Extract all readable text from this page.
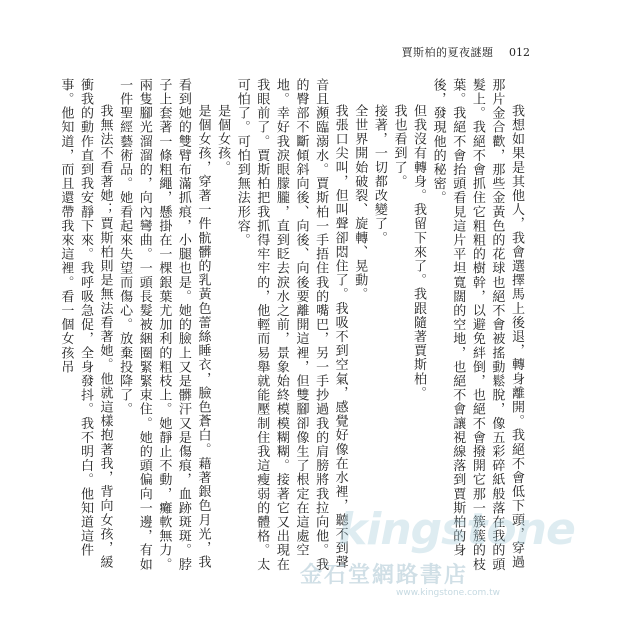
賈斯柏的夏夜謎題 012

我想如果是其他人，我會選擇馬上後退，轉身離開。我絕不會低下頭，穿過那片金合歡，那些金黃色的花球也絕不會被搖動鬆脫，像五彩碎紙般落在我的頭髮上。我絕不會抓住它粗粗的樹幹，以避免絆倒，也絕不會撥開它那一簇簇的枝葉。我絕不會抬頭看見這片平坦寬闊的空地，也絕不會讓視線落到賈斯柏的身後，發現他的秘密。

但我沒有轉身。我留下來了。我跟隨著賈斯柏。

我也看到了。

接著，一切都改變了。

全世界開始破裂、旋轉、晃動。

我張口尖叫，但叫聲卻悶住了。我吸不到空氣，感覺好像在水裡，聽不到聲音且瀕臨溺水。賈斯柏一手捂住我的嘴巴，另一手抄過我的肩膀將我拉向他。我的臀部不斷傾斜向後、向後、向後要離開這裡，但雙腳卻像生了根定在這處空地。幸好我淚眼朦朧，直到眨去淚水之前，景象始終模模糊糊。接著它又出現在我眼前了。賈斯柏把我抓得牢牢的，他輕而易舉就能壓制住我這瘦弱的體格。太可怕了。可怕到無法形容。

是個女孩。

是個女孩，穿著一件骯髒的乳黃色蕾絲睡衣，臉色蒼白。藉著銀色月光，我看到她的雙臂布滿抓痕，小腿也是。她的臉上又是髒汗又是傷痕，血跡斑斑。脖子上套著一條粗繩，懸掛在一棵銀葉尤加利的粗枝上。她靜止不動，癱軟無力。兩隻腳光溜溜的，向內彎曲。一頭長髮被綑圈緊緊束住。她的頭偏向一邊，有如一件聖經藝術品。她看起來失望而傷心。放棄投降了。

我無法不看著她；賈斯柏則是無法看著她。他就這樣抱著我，背向女孩，緩衝我的動作直到我安靜下來。我呼吸急促，全身發抖。我不明白。他知道這件事。他知道，而且還帶我來這裡。看一個女孩吊

kingstone
金石堂網路書店
www.kingstone.com.tw
